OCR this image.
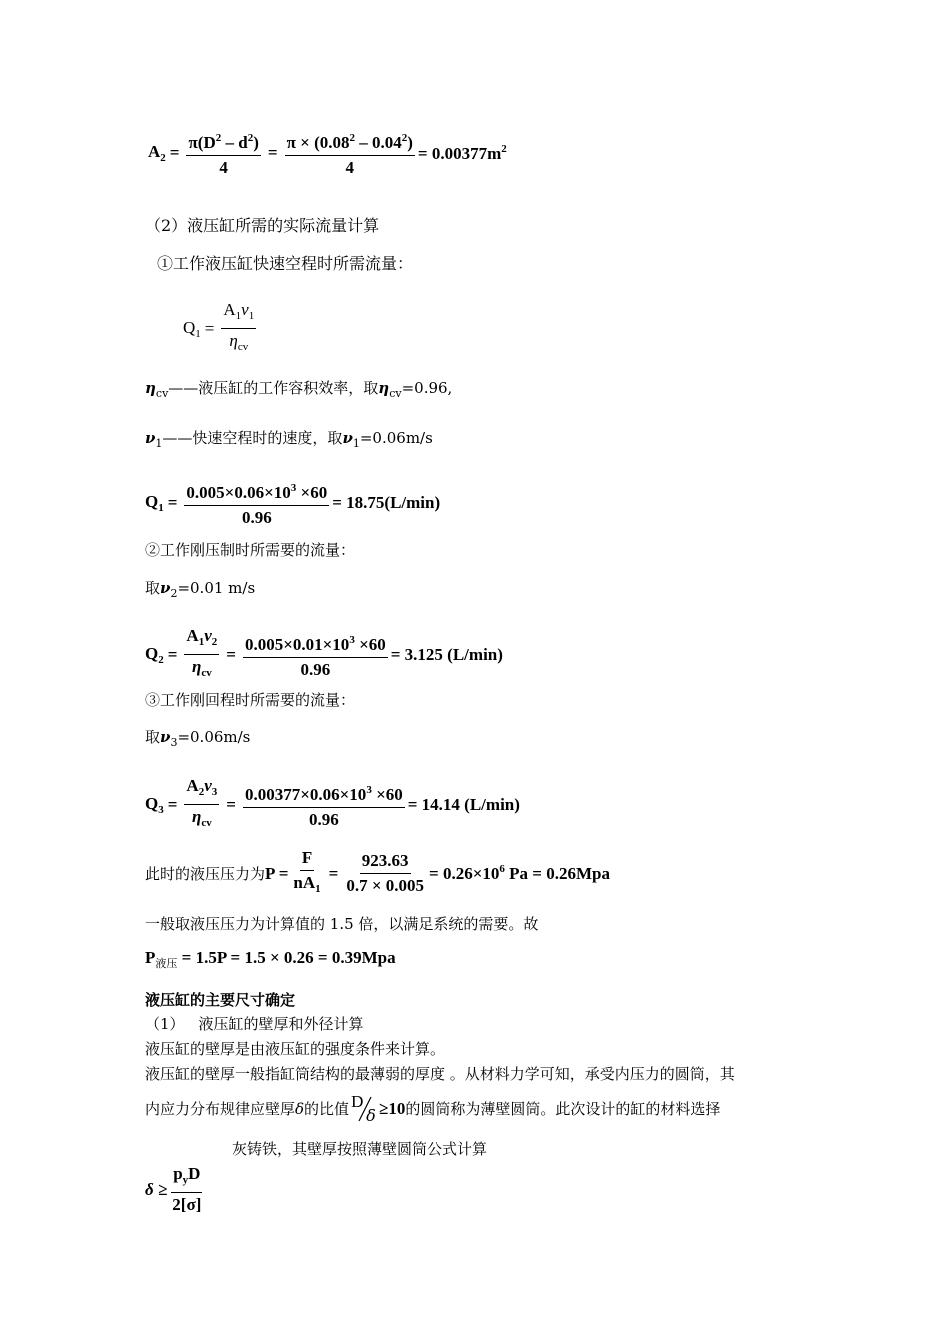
$A_2 = \frac{\pi(D^2 - d^2)}{4} = \frac{\pi \times (0.08^2 - 0.04^2)}{4} = 0.00377m^2$
（2）液压缸所需的实际流量计算
①工作液压缸快速空程时所需流量：
$Q_1 = \frac{A_1\nu_1}{\eta_{cv}}$
$\eta_{cv}——$液压缸的工作容积效率，取$\eta_{cv}=0.96$,
$\nu_1——$快速空程时的速度，取$\nu_1=0.06m/s$
$Q_1 = \frac{0.005\times 0.06\times 10^3 \times 60}{0.96} = 18.75(L/\min)$
②工作刚压制时所需要的流量：
取$\nu_2=0.01$ m/s
$Q_2 = \frac{A_1\nu_2}{\eta_{cv}} = \frac{0.005\times 0.01\times 10^3 \times 60}{0.96} = 3.125$ (L/min)
③工作刚回程时所需要的流量：
取$\nu_3=0.06m/s$
$Q_3 = \frac{A_2\nu_3}{\eta_{cv}} = \frac{0.00377\times 0.06\times 10^3 \times 60}{0.96} = 14.14$ (L/min)
此时的液压压力为 $P = \frac{F}{nA_1} = \frac{923.63}{0.7 \times 0.005} = 0.26\times 10^6$ Pa = 0.26Mpa
一般取液压压力为计算值的 1.5 倍，以满足系统的需要。故
$P_{液压} = 1.5P = 1.5 \times 0.26 = 0.39Mpa$
液压缸的主要尺寸确定
（1） 液压缸的壁厚和外径计算
液压缸的壁厚是由液压缸的强度条件来计算。
液压缸的壁厚一般指缸筒结构的最薄弱的厚度 。从材料力学可知，承受内压力的圆筒，其
内应力分布规律应壁厚 δ 的比值 D
δ ≥10 的圆筒称为薄壁圆筒。此次设计的缸的材料选择
灰铸铁，其壁厚按照薄壁圆筒公式计算
$\delta \ge \frac{p_yD}{2[\sigma]}$
